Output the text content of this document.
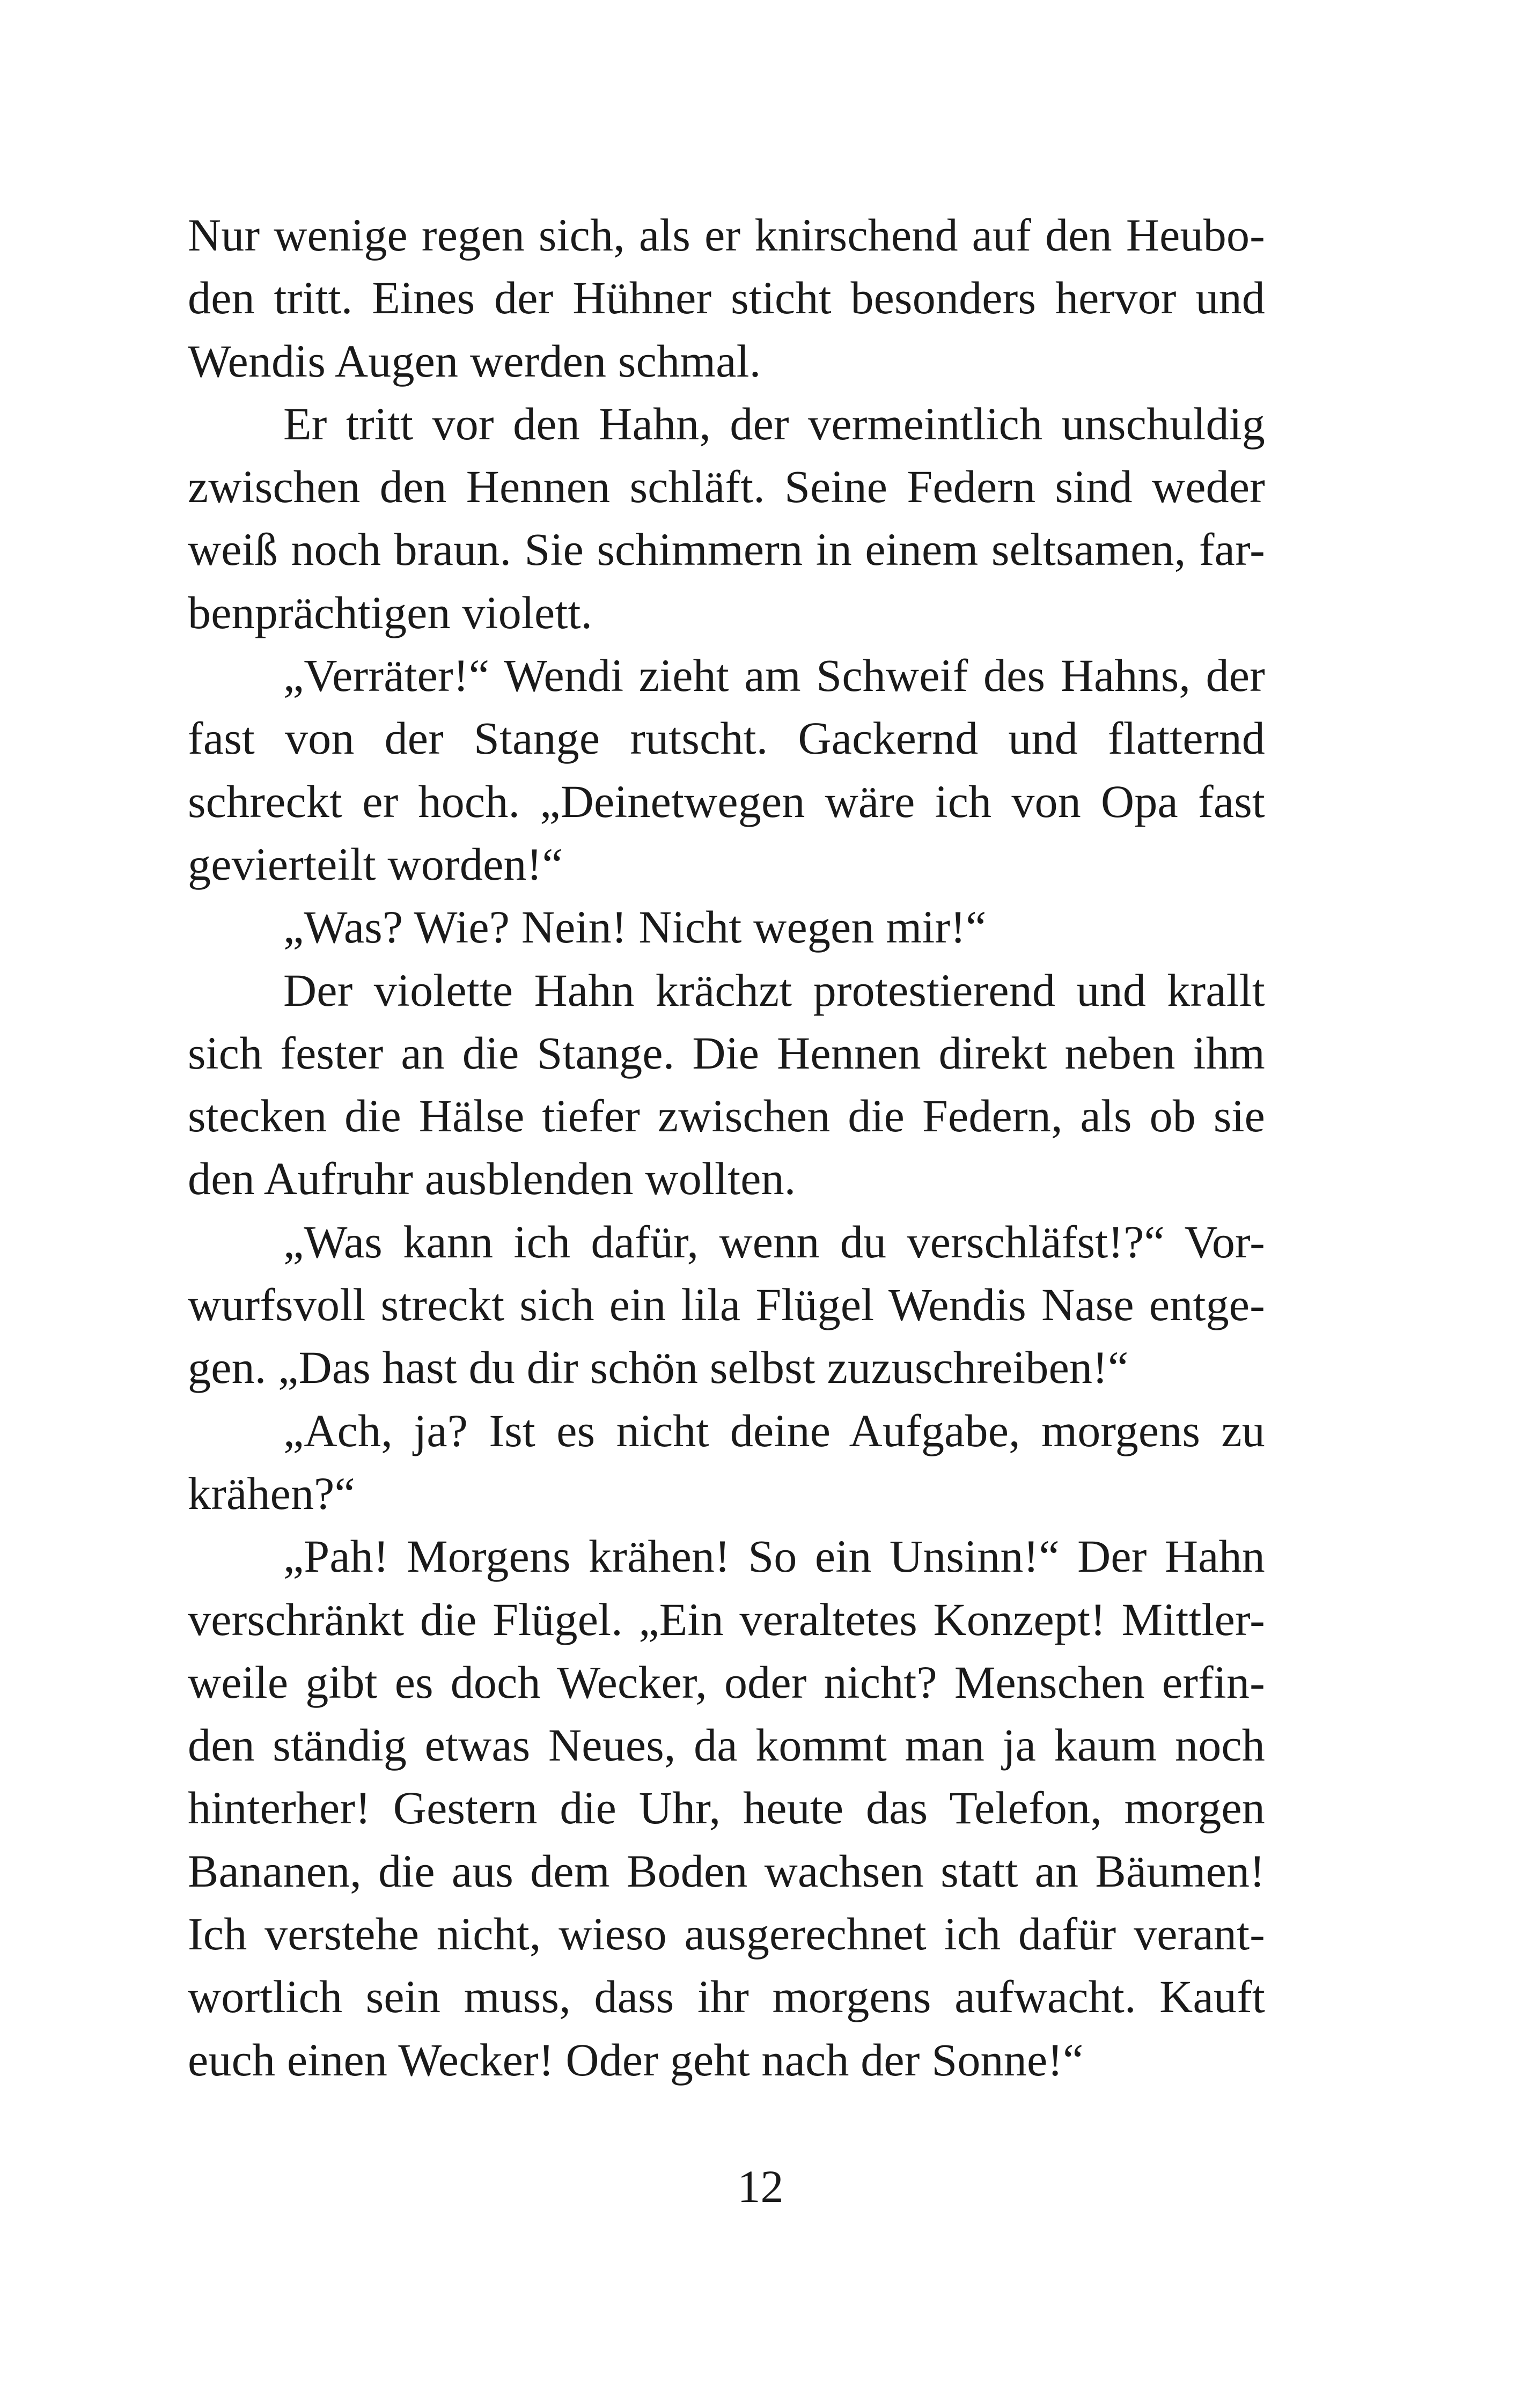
Nur wenige regen sich, als er knirschend auf den Heubo-
den tritt. Eines der Hühner sticht besonders hervor und
Wendis Augen werden schmal.
Er tritt vor den Hahn, der vermeintlich unschuldig
zwischen den Hennen schläft. Seine Federn sind weder
weiß noch braun. Sie schimmern in einem seltsamen, far-
benprächtigen violett.
„Verräter!“ Wendi zieht am Schweif des Hahns, der
fast von der Stange rutscht. Gackernd und flatternd
schreckt er hoch. „Deinetwegen wäre ich von Opa fast
gevierteilt worden!“
„Was? Wie? Nein! Nicht wegen mir!“
Der violette Hahn krächzt protestierend und krallt
sich fester an die Stange. Die Hennen direkt neben ihm
stecken die Hälse tiefer zwischen die Federn, als ob sie
den Aufruhr ausblenden wollten.
„Was kann ich dafür, wenn du verschläfst!?“ Vor-
wurfsvoll streckt sich ein lila Flügel Wendis Nase entge-
gen. „Das hast du dir schön selbst zuzuschreiben!“
„Ach, ja? Ist es nicht deine Aufgabe, morgens zu
krähen?“
„Pah! Morgens krähen! So ein Unsinn!“ Der Hahn
verschränkt die Flügel. „Ein veraltetes Konzept! Mittler-
weile gibt es doch Wecker, oder nicht? Menschen erfin-
den ständig etwas Neues, da kommt man ja kaum noch
hinterher! Gestern die Uhr, heute das Telefon, morgen
Bananen, die aus dem Boden wachsen statt an Bäumen!
Ich verstehe nicht, wieso ausgerechnet ich dafür verant-
wortlich sein muss, dass ihr morgens aufwacht. Kauft
euch einen Wecker! Oder geht nach der Sonne!“
12
